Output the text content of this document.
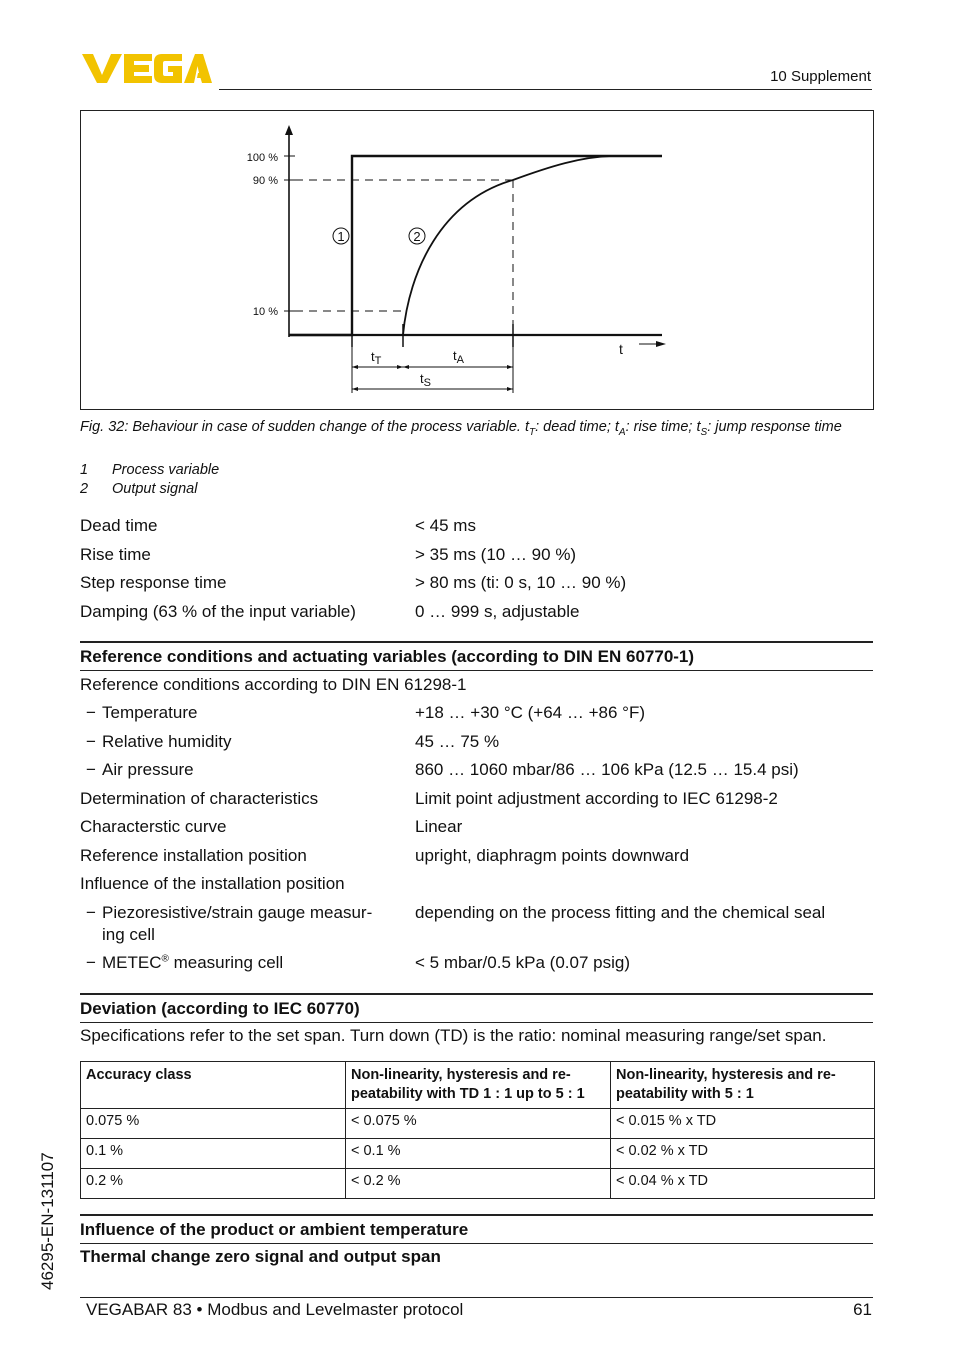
10 Supplement
100 %
90 %
10 %
1	2
t
$t_T$	$t_A$
$t_S$
Fig. 32: Behaviour in case of sudden change of the process variable. $t_T$: dead time; $t_A$: rise time; $t_S$: jump response time
1 Process variable
2 Output signal
Dead time	< 45 ms
Rise time	> 35 ms (10 … 90 %)
Step response time	> 80 ms (ti: 0 s, 10 … 90 %)
Damping (63 % of the input variable)	0 … 999 s, adjustable
Reference conditions and actuating variables (according to DIN EN 60770-1)
Reference conditions according to DIN EN 61298-1
− Temperature	+18 … +30 °C (+64 … +86 °F)
− Relative humidity	45 … 75 %
− Air pressure	860 … 1060 mbar/86 … 106 kPa (12.5 … 15.4 psi)
Determination of characteristics	Limit point adjustment according to IEC 61298-2
Characterstic curve	Linear
Reference installation position	upright, diaphragm points downward
Influence of the installation position
− Piezoresistive/strain gauge measur-	depending on the process fitting and the chemical seal
ing cell
− METEC® measuring cell	< 5 mbar/0.5 kPa (0.07 psig)
Deviation (according to IEC 60770)
Specifications refer to the set span. Turn down (TD) is the ratio: nominal measuring range/set span.
Accuracy class	Non-linearity, hysteresis and re-peatability with TD 1 : 1 up to 5 : 1	Non-linearity, hysteresis and re-peatability with 5 : 1
0.075 %	< 0.075 %	< 0.015 % x TD
0.1 %	< 0.1 %	< 0.02 % x TD
0.2 %	< 0.2 %	< 0.04 % x TD
Influence of the product or ambient temperature
Thermal change zero signal and output span
46295-EN-131107
VEGABAR 83 • Modbus and Levelmaster protocol	61
